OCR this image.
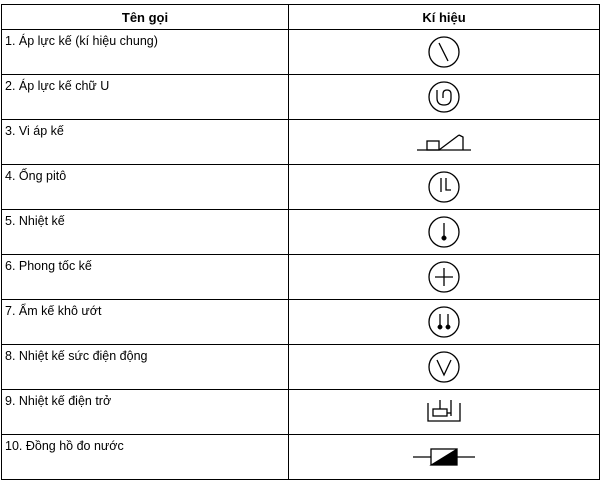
Tên gọi	Kí hiệu
1. Áp lực kế (kí hiệu chung)	

2. Áp lực kế chữ U	

3. Vi áp kế	

4. Ống pitô	

5. Nhiệt kế	

6. Phong tốc kế	

7. Ẩm kế khô ướt	

8. Nhiệt kế sức điện động	

9. Nhiệt kế điện trở	

10. Đồng hồ đo nước	
